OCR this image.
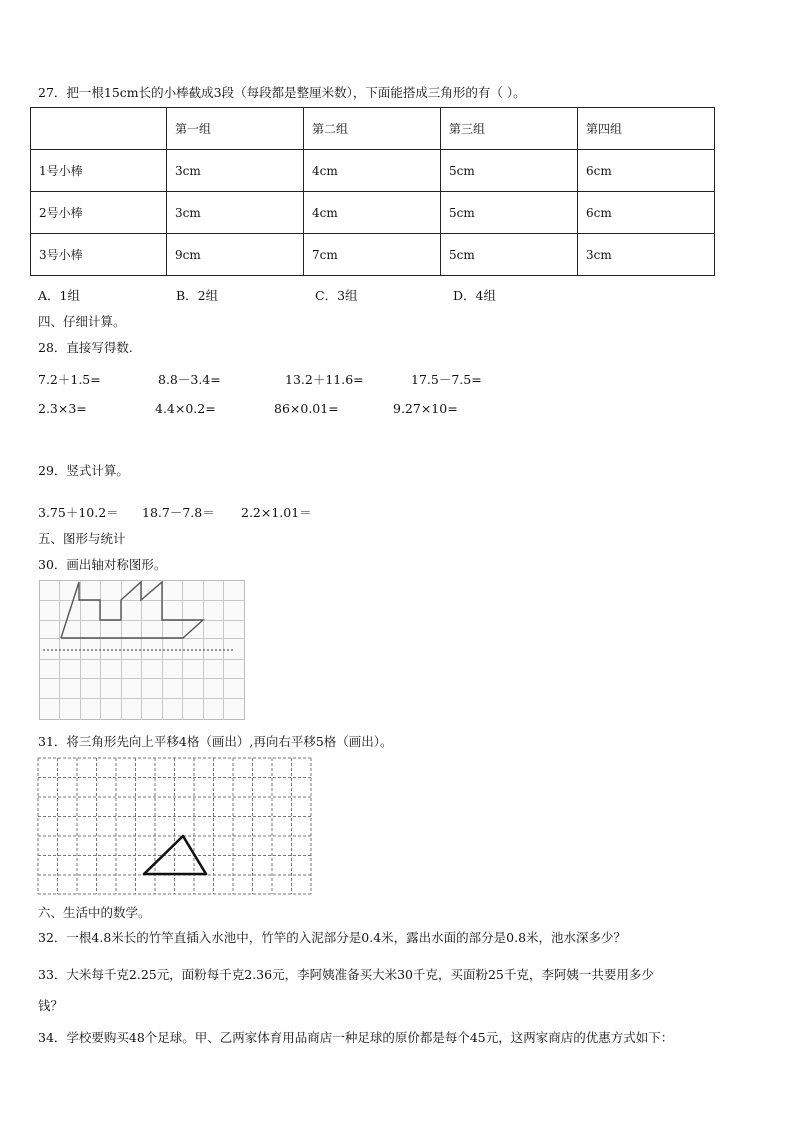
27．把一根15cm长的小棒截成3段（每段都是整厘米数），下面能搭成三角形的有（ ）。
	第一组	第二组	第三组	第四组
1号小棒	3cm	4cm	5cm	6cm
2号小棒	3cm	4cm	5cm	6cm
3号小棒	9cm	7cm	5cm	3cm
A．1组	B．2组	C．3组	D．4组
四、仔细计算。
28．直接写得数.
7.2＋1.5=	8.8－3.4=	13.2＋11.6=	17.5－7.5=
2.3×3=	4.4×0.2=	86×0.01=	9.27×10=
29．竖式计算。
3.75＋10.2＝ 18.7－7.8＝ 2.2×1.01＝
五、图形与统计
30．画出轴对称图形。
31．将三角形先向上平移4格（画出）,再向右平移5格（画出）。
六、生活中的数学。
32．一根4.8米长的竹竿直插入水池中，竹竿的入泥部分是0.4米，露出水面的部分是0.8米，池水深多少？
33．大米每千克2.25元，面粉每千克2.36元，李阿姨准备买大米30千克，买面粉25千克，李阿姨一共要用多少
钱？
34．学校要购买48个足球。甲、乙两家体育用品商店一种足球的原价都是每个45元，这两家商店的优惠方式如下：
